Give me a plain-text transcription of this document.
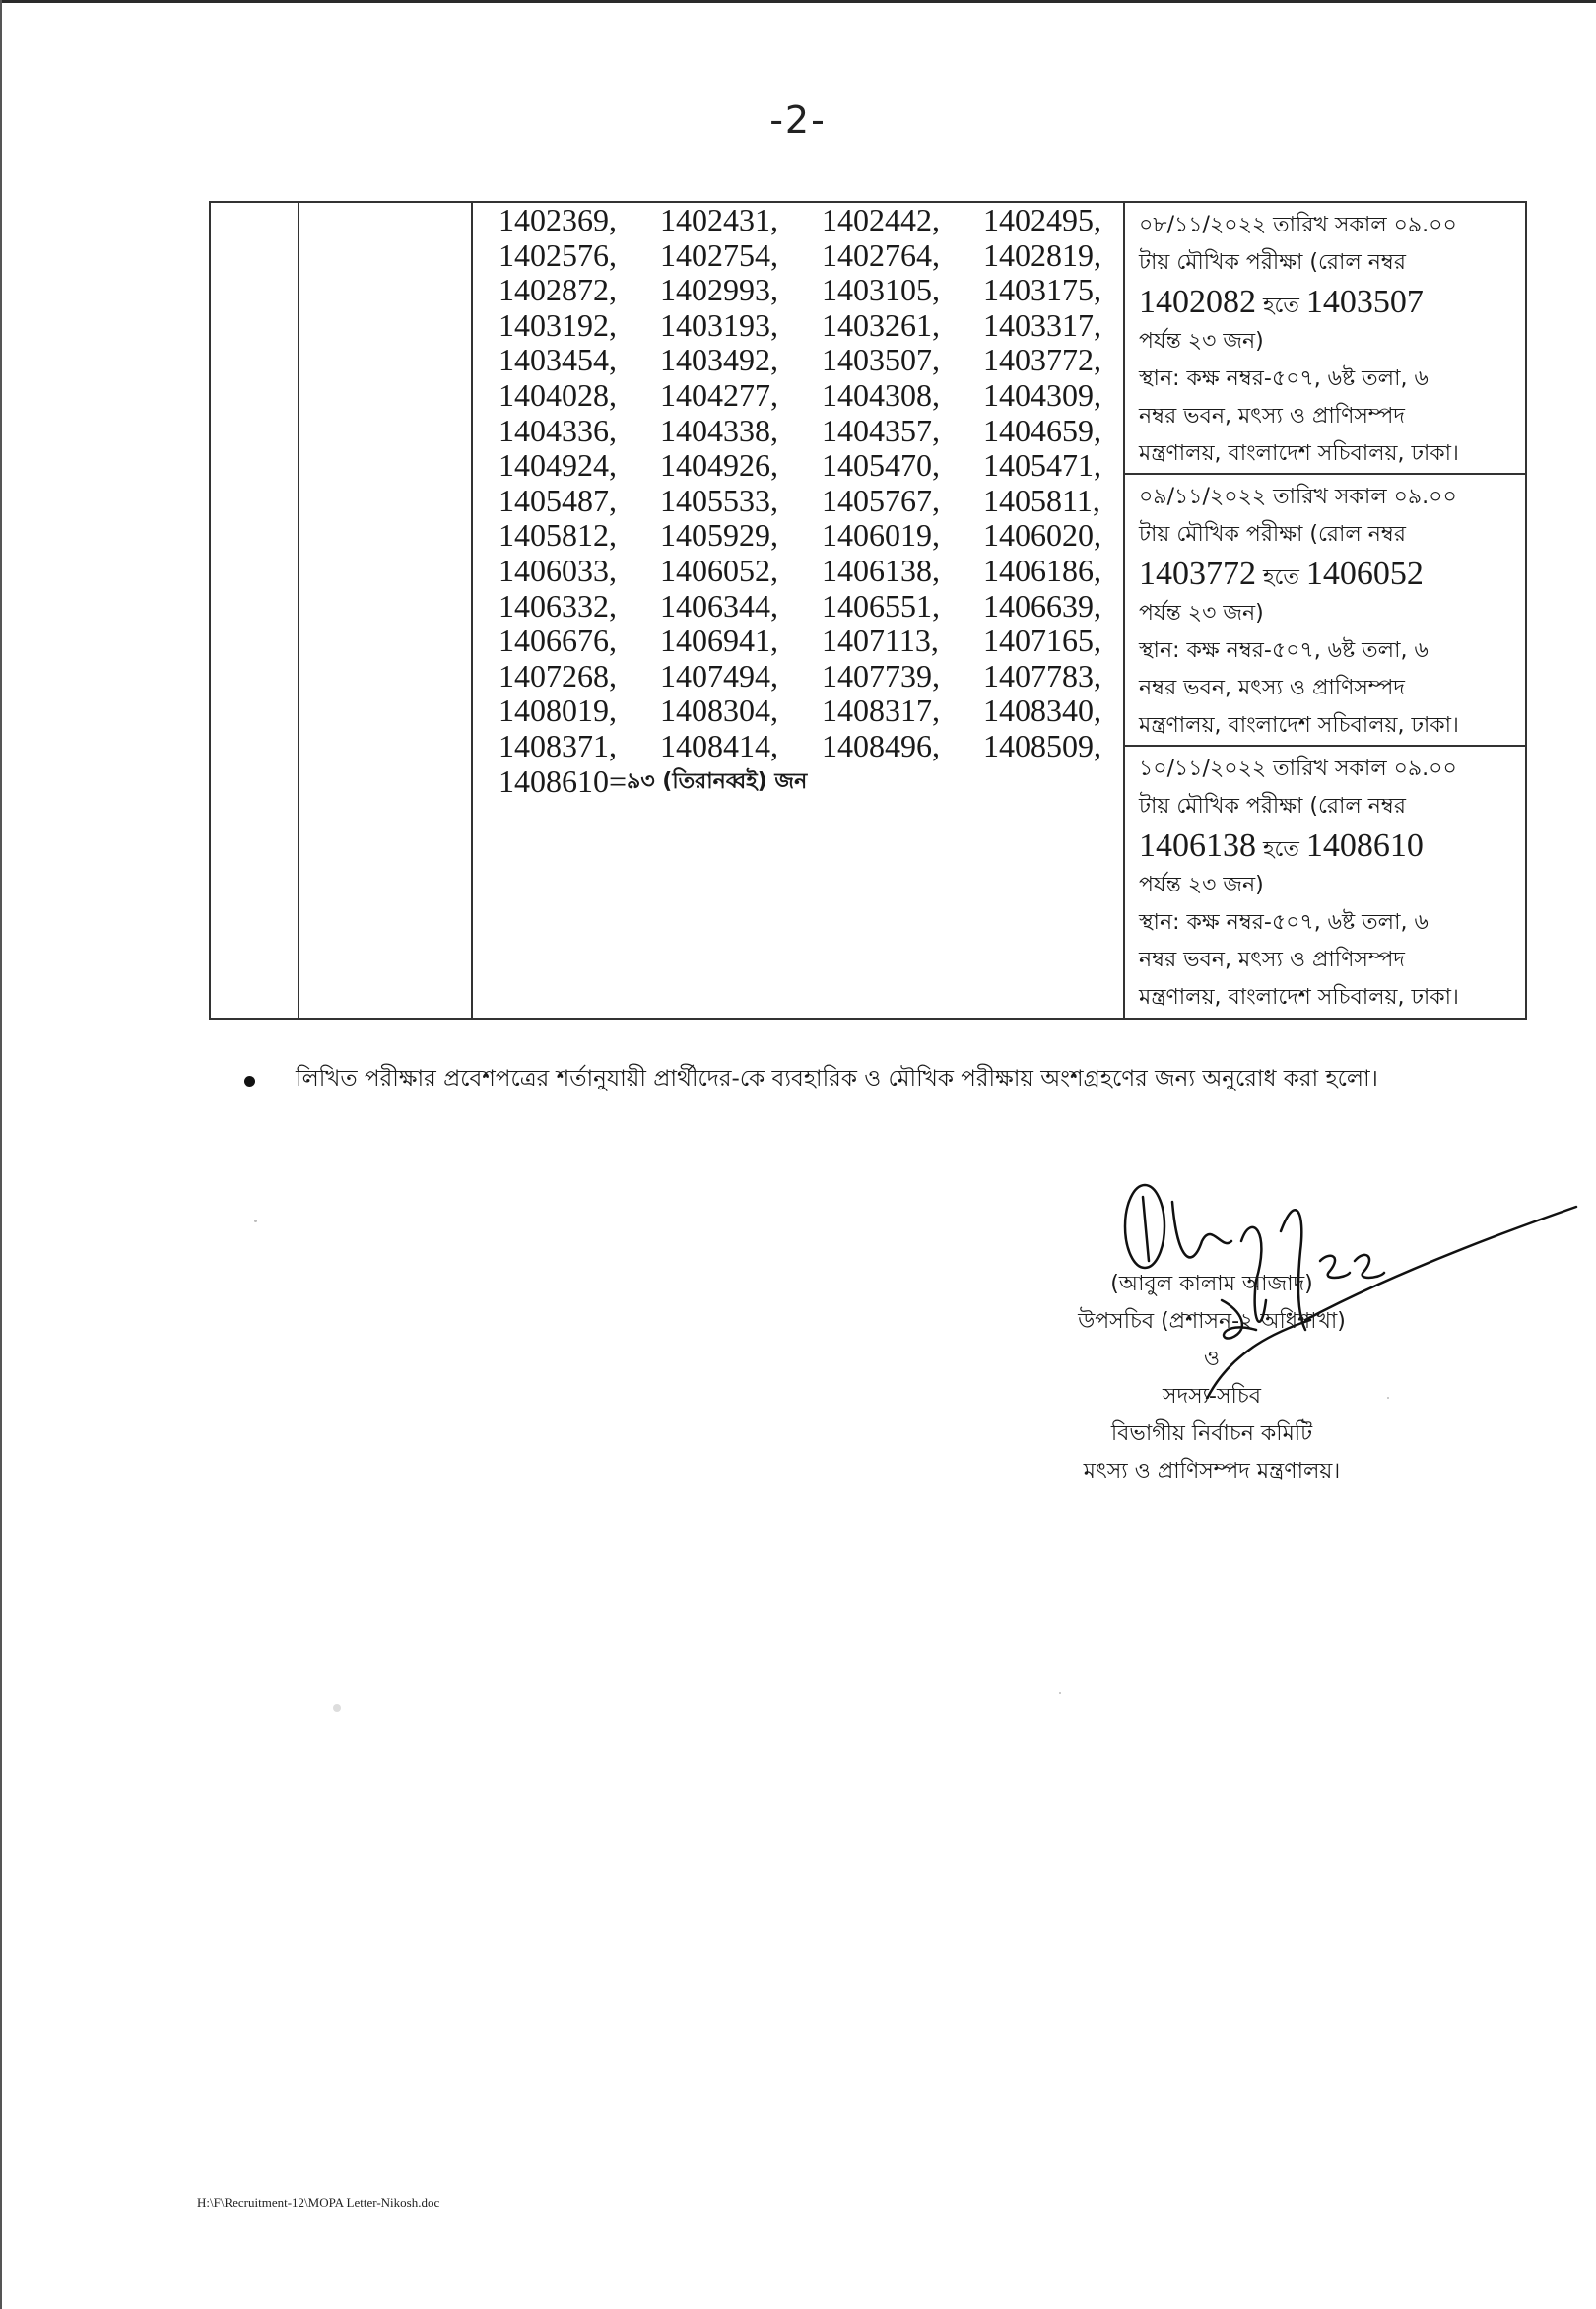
-2-
1402369,	1402431,	1402442,	1402495,
1402576,	1402754,	1402764,	1402819,
1402872,	1402993,	1403105,	1403175,
1403192,	1403193,	1403261,	1403317,
1403454,	1403492,	1403507,	1403772,
1404028,	1404277,	1404308,	1404309,
1404336,	1404338,	1404357,	1404659,
1404924,	1404926,	1405470,	1405471,
1405487,	1405533,	1405767,	1405811,
1405812,	1405929,	1406019,	1406020,
1406033,	1406052,	1406138,	1406186,
1406332,	1406344,	1406551,	1406639,
1406676,	1406941,	1407113,	1407165,
1407268,	1407494,	1407739,	1407783,
1408019,	1408304,	1408317,	1408340,
1408371,	1408414,	1408496,	1408509,
1408610= ৯৩ (তিরানব্বই) জন
০৮/১১/২০২২ তারিখ সকাল ০৯.০০
টায় মৌখিক পরীক্ষা (রোল নম্বর
1402082 হতে 1403507
পর্যন্ত ২৩ জন)
স্থান: কক্ষ নম্বর-৫০৭, ৬ষ্ট তলা, ৬
নম্বর ভবন, মৎস্য ও প্রাণিসম্পদ
মন্ত্রণালয়, বাংলাদেশ সচিবালয়, ঢাকা।
০৯/১১/২০২২ তারিখ সকাল ০৯.০০
টায় মৌখিক পরীক্ষা (রোল নম্বর
1403772 হতে 1406052
পর্যন্ত ২৩ জন)
স্থান: কক্ষ নম্বর-৫০৭, ৬ষ্ট তলা, ৬
নম্বর ভবন, মৎস্য ও প্রাণিসম্পদ
মন্ত্রণালয়, বাংলাদেশ সচিবালয়, ঢাকা।
১০/১১/২০২২ তারিখ সকাল ০৯.০০
টায় মৌখিক পরীক্ষা (রোল নম্বর
1406138 হতে 1408610
পর্যন্ত ২৩ জন)
স্থান: কক্ষ নম্বর-৫০৭, ৬ষ্ট তলা, ৬
নম্বর ভবন, মৎস্য ও প্রাণিসম্পদ
মন্ত্রণালয়, বাংলাদেশ সচিবালয়, ঢাকা।
লিখিত পরীক্ষার প্রবেশপত্রের শর্তানুযায়ী প্রার্থীদের-কে ব্যবহারিক ও মৌখিক পরীক্ষায় অংশগ্রহণের জন্য অনুরোধ করা হলো।
(আবুল কালাম আজাদ)
উপসচিব (প্রশাসন-২ অধিশাখা)
ও
সদস্য-সচিব
বিভাগীয় নির্বাচন কমিটি
মৎস্য ও প্রাণিসম্পদ মন্ত্রণালয়।
H:\F\Recruitment-12\MOPA Letter-Nikosh.doc
